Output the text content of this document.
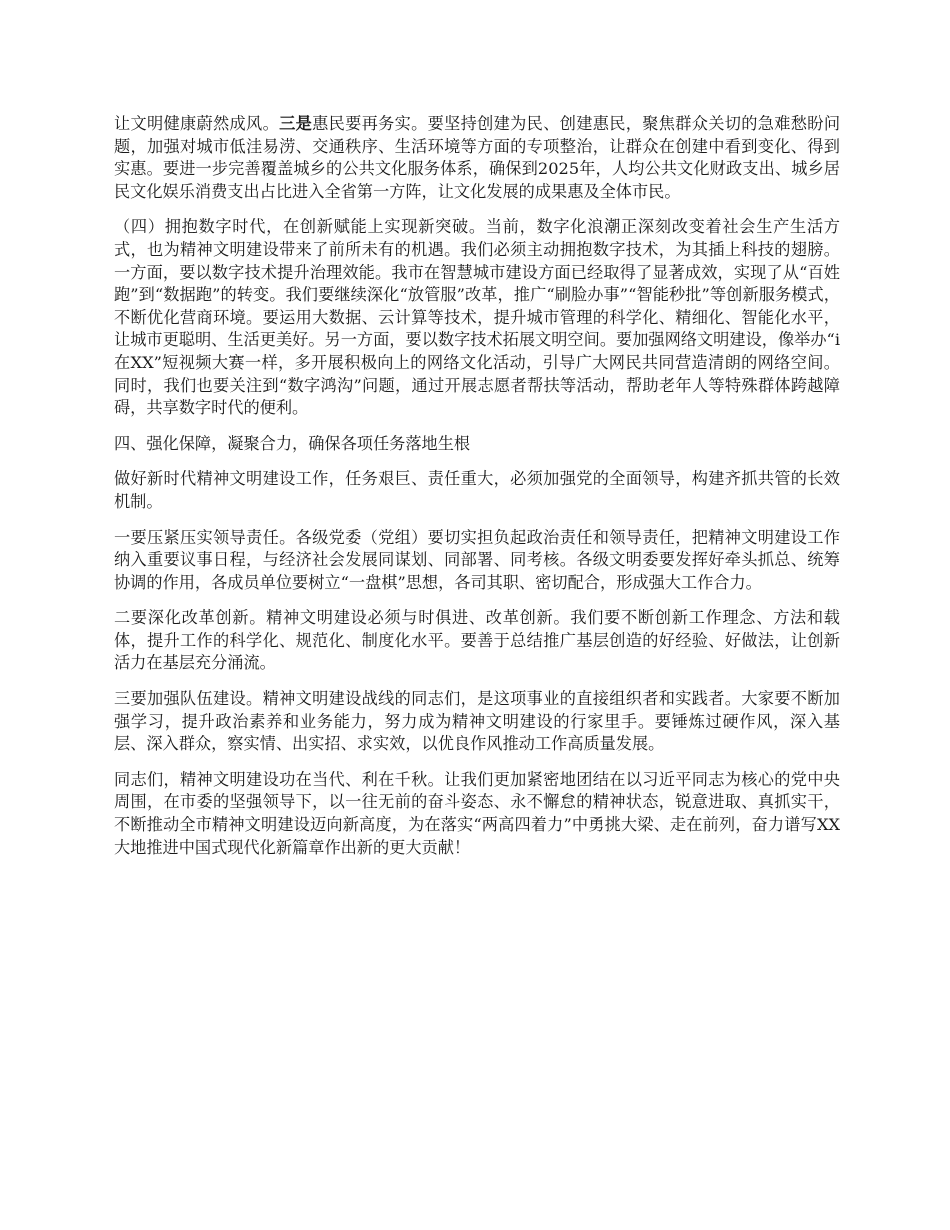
让文明健康蔚然成风。三是惠民要再务实。要坚持创建为民、创建惠民，聚焦群众关切的急难愁盼问题，加强对城市低洼易涝、交通秩序、生活环境等方面的专项整治，让群众在创建中看到变化、得到实惠。要进一步完善覆盖城乡的公共文化服务体系，确保到2025年，人均公共文化财政支出、城乡居民文化娱乐消费支出占比进入全省第一方阵，让文化发展的成果惠及全体市民。

（四）拥抱数字时代，在创新赋能上实现新突破。当前，数字化浪潮正深刻改变着社会生产生活方式，也为精神文明建设带来了前所未有的机遇。我们必须主动拥抱数字技术，为其插上科技的翅膀。一方面，要以数字技术提升治理效能。我市在智慧城市建设方面已经取得了显著成效，实现了从“百姓跑”到“数据跑”的转变。我们要继续深化“放管服”改革，推广“刷脸办事”“智能秒批”等创新服务模式，不断优化营商环境。要运用大数据、云计算等技术，提升城市管理的科学化、精细化、智能化水平，让城市更聪明、生活更美好。另一方面，要以数字技术拓展文明空间。要加强网络文明建设，像举办“i在XX”短视频大赛一样，多开展积极向上的网络文化活动，引导广大网民共同营造清朗的网络空间。同时，我们也要关注到“数字鸿沟”问题，通过开展志愿者帮扶等活动，帮助老年人等特殊群体跨越障碍，共享数字时代的便利。

四、强化保障，凝聚合力，确保各项任务落地生根

做好新时代精神文明建设工作，任务艰巨、责任重大，必须加强党的全面领导，构建齐抓共管的长效机制。

一要压紧压实领导责任。各级党委（党组）要切实担负起政治责任和领导责任，把精神文明建设工作纳入重要议事日程，与经济社会发展同谋划、同部署、同考核。各级文明委要发挥好牵头抓总、统筹协调的作用，各成员单位要树立“一盘棋”思想，各司其职、密切配合，形成强大工作合力。

二要深化改革创新。精神文明建设必须与时俱进、改革创新。我们要不断创新工作理念、方法和载体，提升工作的科学化、规范化、制度化水平。要善于总结推广基层创造的好经验、好做法，让创新活力在基层充分涌流。

三要加强队伍建设。精神文明建设战线的同志们，是这项事业的直接组织者和实践者。大家要不断加强学习，提升政治素养和业务能力，努力成为精神文明建设的行家里手。要锤炼过硬作风，深入基层、深入群众，察实情、出实招、求实效，以优良作风推动工作高质量发展。

同志们，精神文明建设功在当代、利在千秋。让我们更加紧密地团结在以习近平同志为核心的党中央周围，在市委的坚强领导下，以一往无前的奋斗姿态、永不懈怠的精神状态，锐意进取、真抓实干，不断推动全市精神文明建设迈向新高度，为在落实“两高四着力”中勇挑大梁、走在前列，奋力谱写XX大地推进中国式现代化新篇章作出新的更大贡献！
